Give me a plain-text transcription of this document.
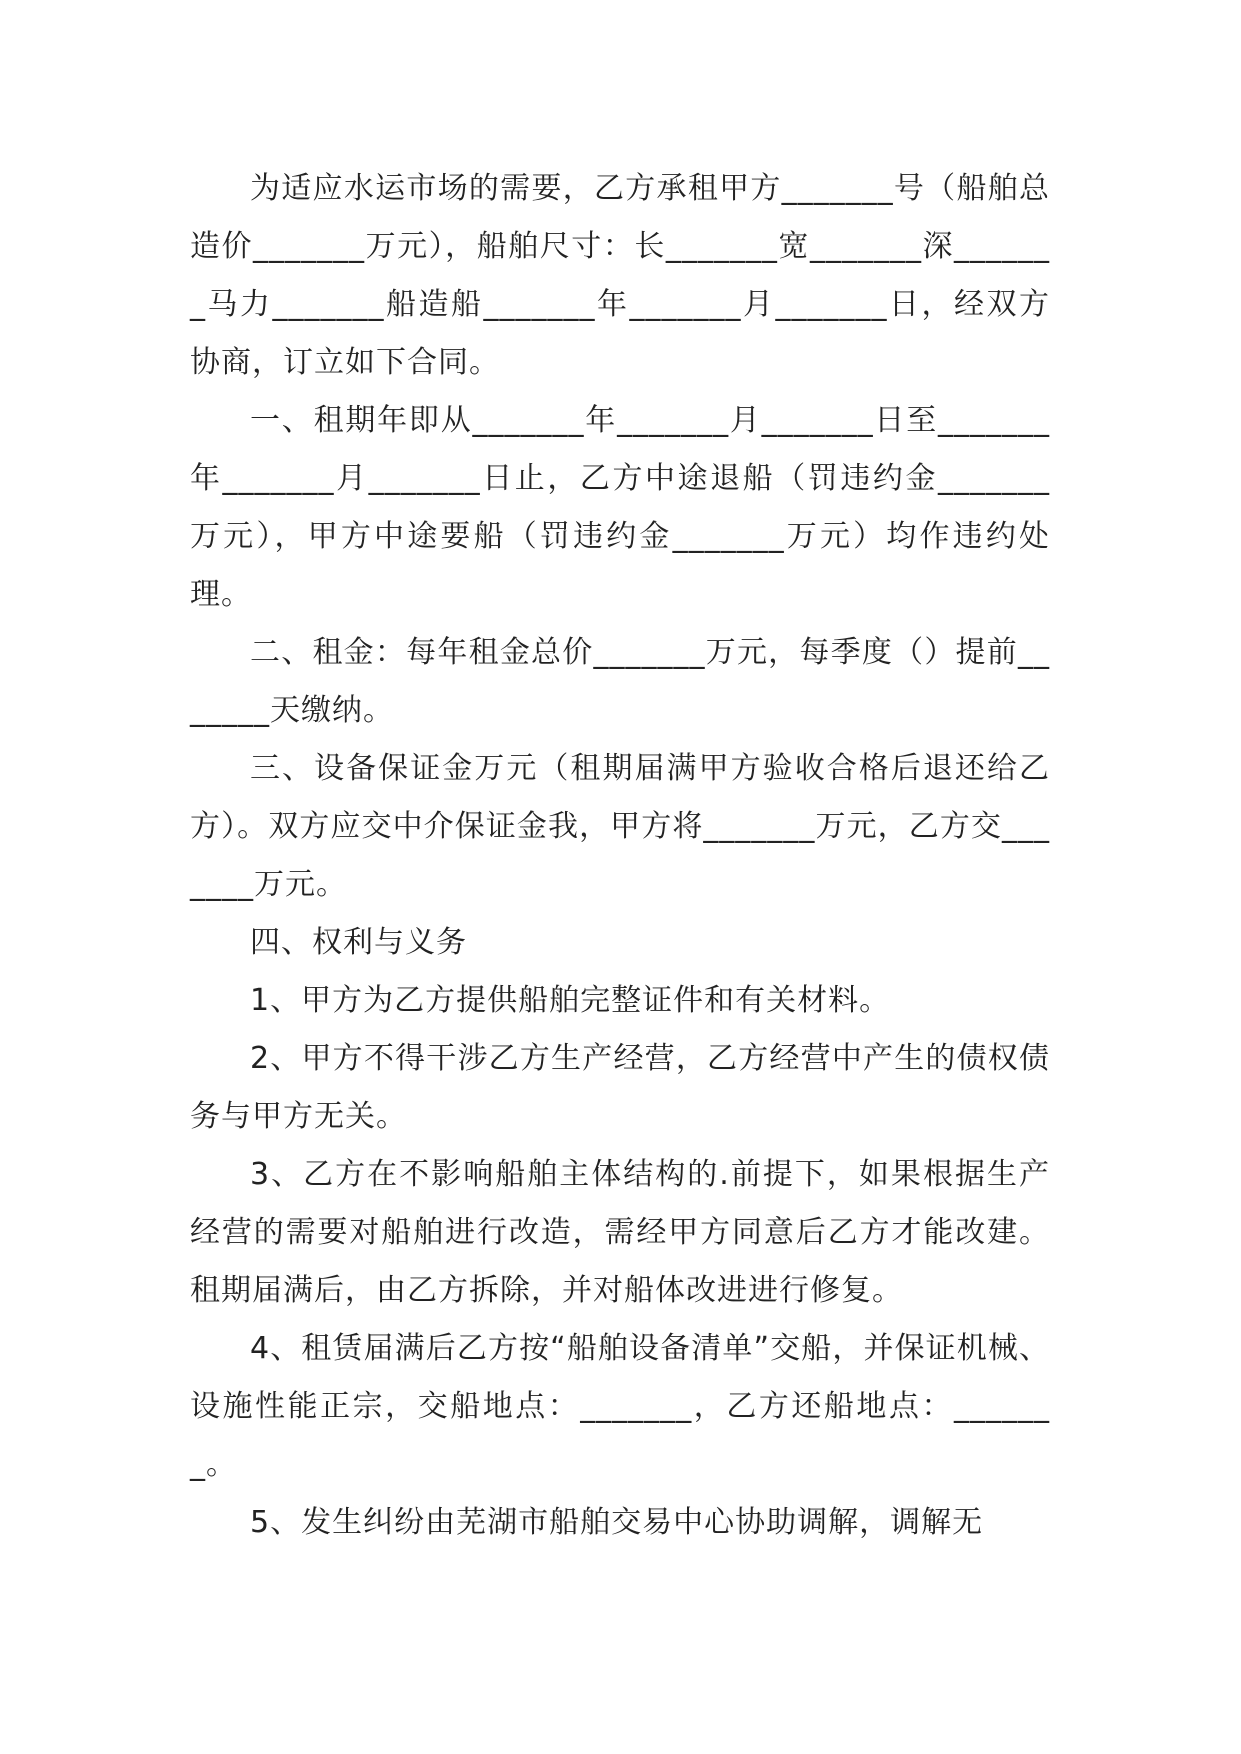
为适应水运市场的需要，乙方承租甲方_______号（船舶总造价_______万元），船舶尺寸：长_______宽_______深_______马力_______船造船_______年_______月_______日，经双方协商，订立如下合同。

一、租期年即从_______年_______月_______日至_______年_______月_______日止，乙方中途退船（罚违约金_______万元），甲方中途要船（罚违约金_______万元）均作违约处理。

二、租金：每年租金总价_______万元，每季度（）提前_______天缴纳。

三、设备保证金万元（租期届满甲方验收合格后退还给乙方）。双方应交中介保证金我，甲方将_______万元，乙方交_______万元。

四、权利与义务

1、甲方为乙方提供船舶完整证件和有关材料。

2、甲方不得干涉乙方生产经营，乙方经营中产生的债权债务与甲方无关。

3、乙方在不影响船舶主体结构的.前提下，如果根据生产经营的需要对船舶进行改造，需经甲方同意后乙方才能改建。租期届满后，由乙方拆除，并对船体改进进行修复。

4、租赁届满后乙方按“船舶设备清单”交船，并保证机械、设施性能正宗，交船地点：_______，乙方还船地点：_______。

5、发生纠纷由芜湖市船舶交易中心协助调解，调解无
